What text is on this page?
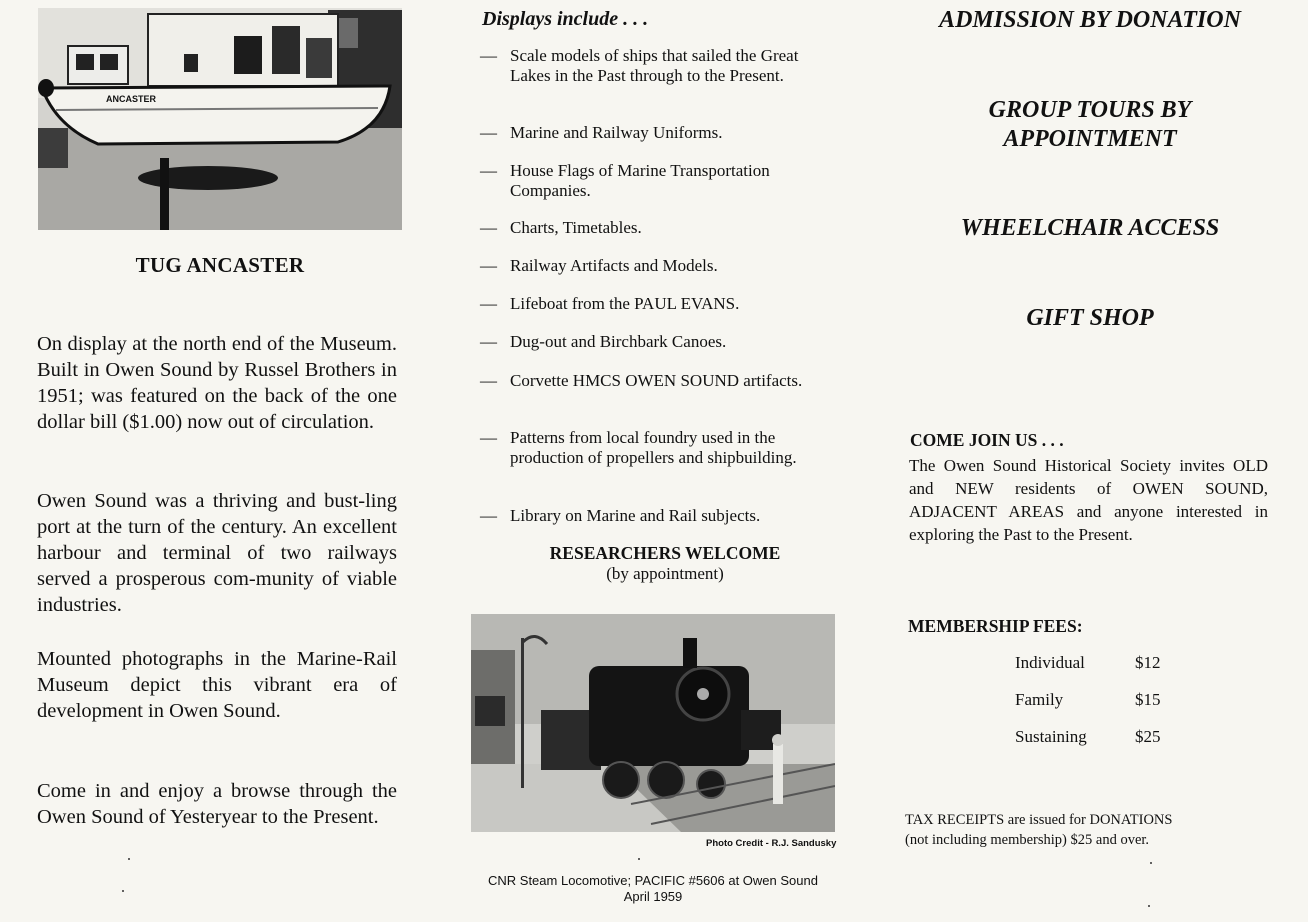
ANCASTER
TUG ANCASTER

On display at the north end of the Museum. Built in Owen Sound by Russel Brothers in 1951; was featured on the back of the one dollar bill ($1.00) now out of circulation.

Owen Sound was a thriving and bust-ling port at the turn of the century. An excellent harbour and terminal of two railways served a prosperous com-munity of viable industries.

Mounted photographs in the Marine-Rail Museum depict this vibrant era of development in Owen Sound.

Come in and enjoy a browse through the Owen Sound of Yesteryear to the Present.

Displays include . . .
— Scale models of ships that sailed the Great Lakes in the Past through to the Present.
— Marine and Railway Uniforms.
— House Flags of Marine Transportation Companies.
— Charts, Timetables.
— Railway Artifacts and Models.
— Lifeboat from the PAUL EVANS.
— Dug-out and Birchbark Canoes.
— Corvette HMCS OWEN SOUND artifacts.
— Patterns from local foundry used in the production of propellers and shipbuilding.
— Library on Marine and Rail subjects.
RESEARCHERS WELCOME
(by appointment)
Photo Credit - R.J. Sandusky
CNR Steam Locomotive; PACIFIC #5606 at Owen Sound
April 1959
ADMISSION BY DONATION
GROUP TOURS BY
APPOINTMENT
WHEELCHAIR ACCESS
GIFT SHOP
COME JOIN US . . .

The Owen Sound Historical Society invites OLD and NEW residents of OWEN SOUND, ADJACENT AREAS and anyone interested in exploring the Past to the Present.

MEMBERSHIP FEES:
Individual	$12
Family	$15
Sustaining	$25
TAX RECEIPTS are issued for DONATIONS
(not including membership) $25 and over.
